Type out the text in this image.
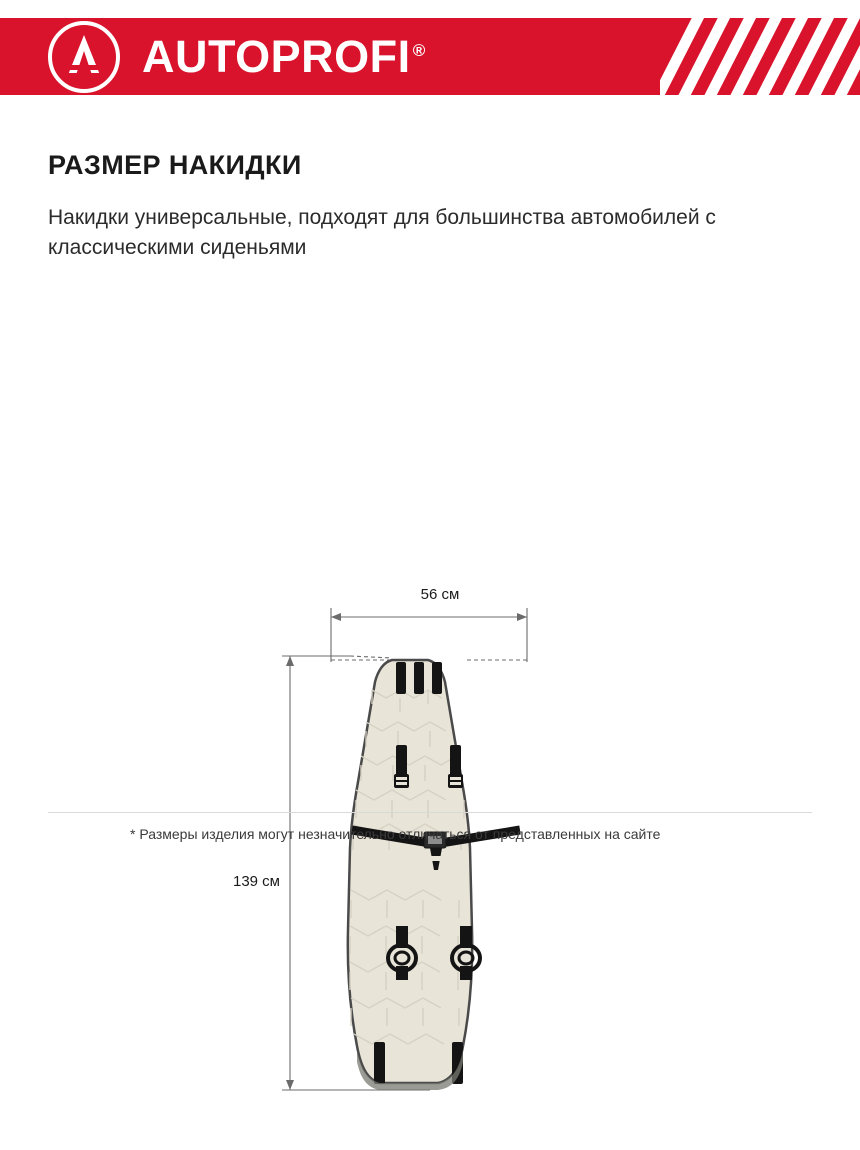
AUTOPROFI ®
РАЗМЕР НАКИДКИ
Накидки универсальные, подходят для большинства автомобилей с классическими сиденьями
56 см
139 см
* Размеры изделия могут незначительно отличаться от представленных на сайте
